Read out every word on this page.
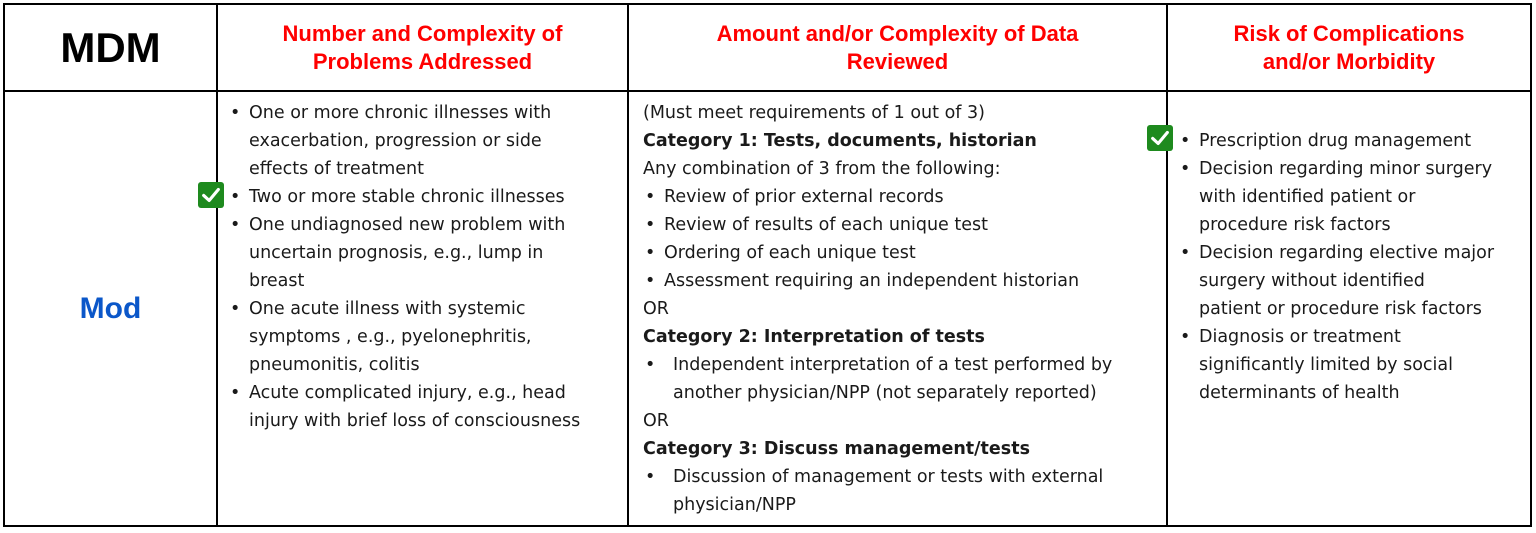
MDM	Number and Complexity of
Problems Addressed
Amount and/or Complexity of Data
Reviewed
Risk of Complications
and/or Morbidity
Mod
• One or more chronic illnesses with
exacerbation, progression or side
effects of treatment
• Two or more stable chronic illnesses
• One undiagnosed new problem with
uncertain prognosis, e.g., lump in
breast
• One acute illness with systemic
symptoms , e.g., pyelonephritis,
pneumonitis, colitis
• Acute complicated injury, e.g., head
injury with brief loss of consciousness
(Must meet requirements of 1 out of 3)
Category 1: Tests, documents, historian
Any combination of 3 from the following:
• Review of prior external records
• Review of results of each unique test
• Ordering of each unique test
• Assessment requiring an independent historian
OR
Category 2: Interpretation of tests
• Independent interpretation of a test performed by
another physician/NPP (not separately reported)
OR
Category 3: Discuss management/tests
• Discussion of management or tests with external
physician/NPP
• Prescription drug management
• Decision regarding minor surgery
with identified patient or
procedure risk factors
• Decision regarding elective major
surgery without identified
patient or procedure risk factors
• Diagnosis or treatment
significantly limited by social
determinants of health
